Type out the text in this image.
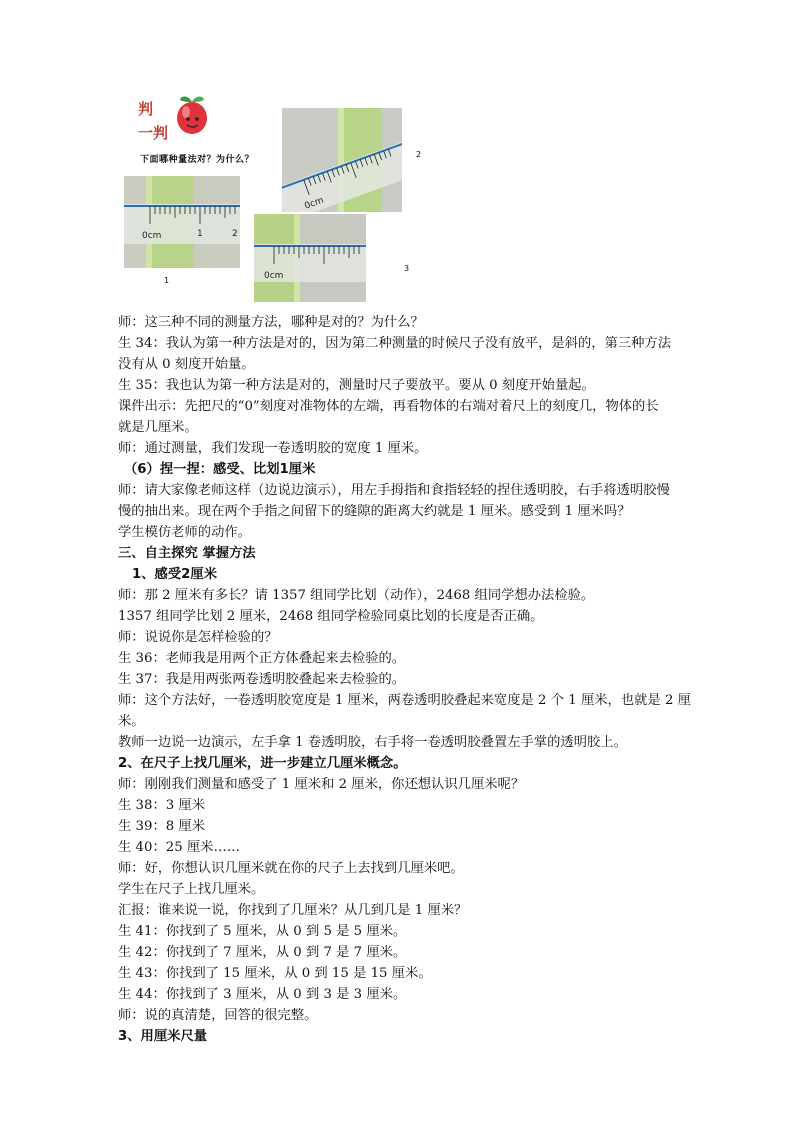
判
一判
下面哪种量法对？为什么？
0cm	1	2
0cm
0cm
1
2
3
师：这三种不同的测量方法，哪种是对的？为什么？
生 34：我认为第一种方法是对的，因为第二种测量的时候尺子没有放平，是斜的，第三种方法
没有从 0 刻度开始量。
生 35：我也认为第一种方法是对的，测量时尺子要放平。要从 0 刻度开始量起。
课件出示：先把尺的“0”刻度对准物体的左端，再看物体的右端对着尺上的刻度几，物体的长
就是几厘米。
师：通过测量，我们发现一卷透明胶的宽度 1 厘米。
（6）捏一捏：感受、比划1厘米
师：请大家像老师这样（边说边演示），用左手拇指和食指轻轻的捏住透明胶，右手将透明胶慢
慢的抽出来。现在两个手指之间留下的缝隙的距离大约就是 1 厘米。感受到 1 厘米吗？
学生模仿老师的动作。
三、自主探究 掌握方法
1、感受2厘米
师：那 2 厘米有多长？请 1357 组同学比划（动作），2468 组同学想办法检验。
1357 组同学比划 2 厘米，2468 组同学检验同桌比划的长度是否正确。
师：说说你是怎样检验的？
生 36：老师我是用两个正方体叠起来去检验的。
生 37：我是用两张两卷透明胶叠起来去检验的。
师：这个方法好，一卷透明胶宽度是 1 厘米，两卷透明胶叠起来宽度是 2 个 1 厘米，也就是 2 厘
米。
教师一边说一边演示，左手拿 1 卷透明胶，右手将一卷透明胶叠置左手掌的透明胶上。
2、在尺子上找几厘米，进一步建立几厘米概念。
师：刚刚我们测量和感受了 1 厘米和 2 厘米，你还想认识几厘米呢？
生 38：3 厘米
生 39：8 厘米
生 40：25 厘米……
师：好，你想认识几厘米就在你的尺子上去找到几厘米吧。
学生在尺子上找几厘米。
汇报：谁来说一说，你找到了几厘米？从几到几是 1 厘米？
生 41：你找到了 5 厘米，从 0 到 5 是 5 厘米。
生 42：你找到了 7 厘米，从 0 到 7 是 7 厘米。
生 43：你找到了 15 厘米，从 0 到 15 是 15 厘米。
生 44：你找到了 3 厘米，从 0 到 3 是 3 厘米。
师：说的真清楚，回答的很完整。
3、用厘米尺量
